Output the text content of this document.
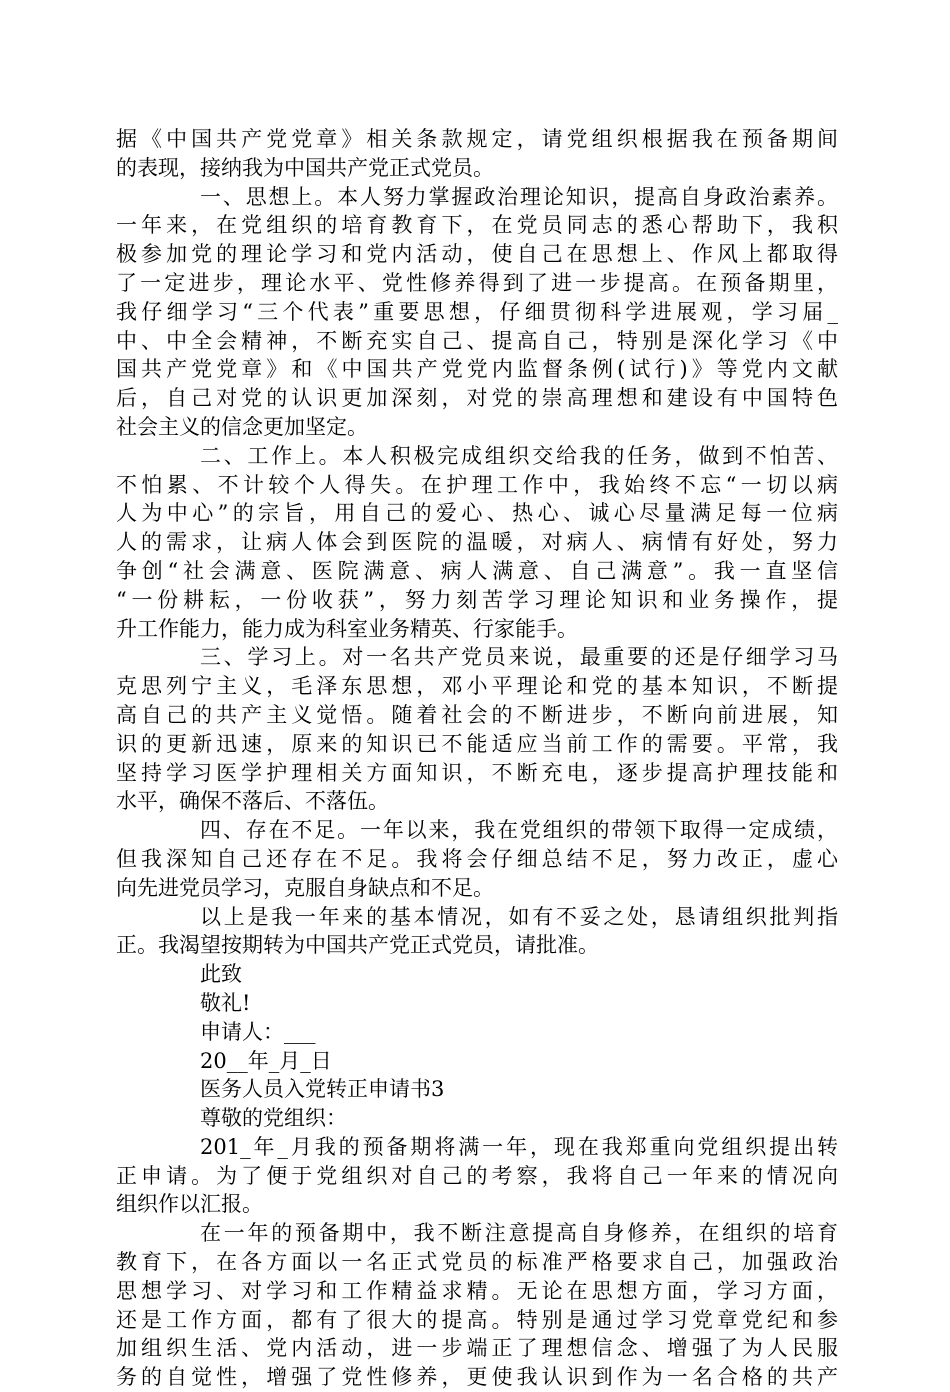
据《中国共产党党章》相关条款规定，请党组织根据我在预备期间
的表现，接纳我为中国共产党正式党员。
一、思想上。本人努力掌握政治理论知识，提高自身政治素养。
一年来，在党组织的培育教育下，在党员同志的悉心帮助下，我积
极参加党的理论学习和党内活动，使自己在思想上、作风上都取得
了一定进步，理论水平、党性修养得到了进一步提高。在预备期里，
我仔细学习“三个代表”重要思想，仔细贯彻科学进展观，学习届_
中、中全会精神，不断充实自己、提高自己，特别是深化学习《中
国共产党党章》和《中国共产党党内监督条例(试行)》等党内文献
后，自己对党的认识更加深刻，对党的崇高理想和建设有中国特色
社会主义的信念更加坚定。
二、工作上。本人积极完成组织交给我的任务，做到不怕苦、
不怕累、不计较个人得失。在护理工作中，我始终不忘“一切以病
人为中心”的宗旨，用自己的爱心、热心、诚心尽量满足每一位病
人的需求，让病人体会到医院的温暖，对病人、病情有好处，努力
争创“社会满意、医院满意、病人满意、自己满意”。我一直坚信
“一份耕耘，一份收获”，努力刻苦学习理论知识和业务操作，提
升工作能力，能力成为科室业务精英、行家能手。
三、学习上。对一名共产党员来说，最重要的还是仔细学习马
克思列宁主义，毛泽东思想，邓小平理论和党的基本知识，不断提
高自己的共产主义觉悟。随着社会的不断进步，不断向前进展，知
识的更新迅速，原来的知识已不能适应当前工作的需要。平常，我
坚持学习医学护理相关方面知识，不断充电，逐步提高护理技能和
水平，确保不落后、不落伍。
四、存在不足。一年以来，我在党组织的带领下取得一定成绩，
但我深知自己还存在不足。我将会仔细总结不足，努力改正，虚心
向先进党员学习，克服自身缺点和不足。
以上是我一年来的基本情况，如有不妥之处，恳请组织批判指
正。我渴望按期转为中国共产党正式党员，请批准。
此致
敬礼!
申请人：___
20__年_月_日
医务人员入党转正申请书3
尊敬的党组织：
201_年_月我的预备期将满一年，现在我郑重向党组织提出转
正申请。为了便于党组织对自己的考察，我将自己一年来的情况向
组织作以汇报。
在一年的预备期中，我不断注意提高自身修养，在组织的培育
教育下，在各方面以一名正式党员的标准严格要求自己，加强政治
思想学习、对学习和工作精益求精。无论在思想方面，学习方面，
还是工作方面，都有了很大的提高。特别是通过学习党章党纪和参
加组织生活、党内活动，进一步端正了理想信念、增强了为人民服
务的自觉性，增强了党性修养，更使我认识到作为一名合格的共产
